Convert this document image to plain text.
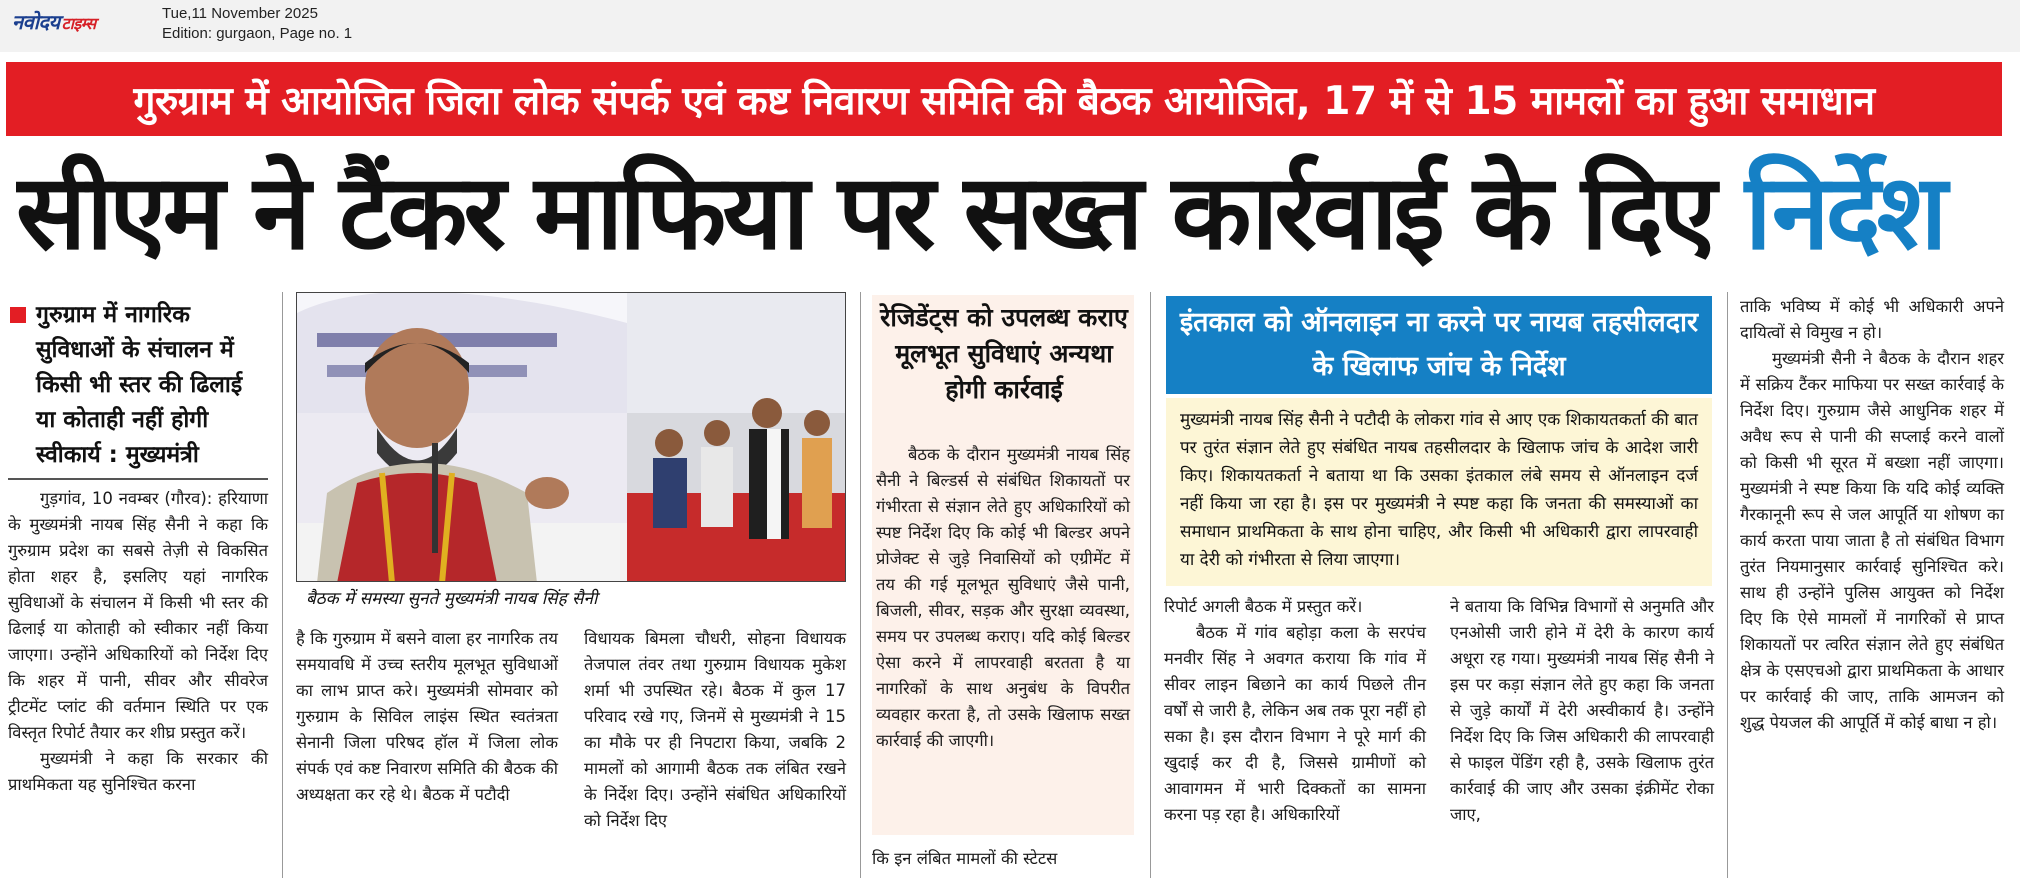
नवोदय टाइम्स
Tue,11 November 2025
Edition: gurgaon, Page no. 1
गुरुग्राम में आयोजित जिला लोक संपर्क एवं कष्ट निवारण समिति की बैठक आयोजित, 17 में से 15 मामलों का हुआ समाधान
सीएम ने टैंकर माफिया पर सख्त कार्रवाई के दिए निर्देश
गुरुग्राम में नागरिक सुविधाओं के संचालन में किसी भी स्तर की ढिलाई या कोताही नहीं होगी स्वीकार्य : मुख्यमंत्री

गुड़गांव, 10 नवम्बर (गौरव): हरियाणा के मुख्यमंत्री नायब सिंह सैनी ने कहा कि गुरुग्राम प्रदेश का सबसे तेज़ी से विकसित होता शहर है, इसलिए यहां नागरिक सुविधाओं के संचालन में किसी भी स्तर की ढिलाई या कोताही को स्वीकार नहीं किया जाएगा। उन्होंने अधिकारियों को निर्देश दिए कि शहर में पानी, सीवर और सीवरेज ट्रीटमेंट प्लांट की वर्तमान स्थिति पर एक विस्तृत रिपोर्ट तैयार कर शीघ्र प्रस्तुत करें।

मुख्यमंत्री ने कहा कि सरकार की प्राथमिकता यह सुनिश्चित करना

बैठक में समस्या सुनते मुख्यमंत्री नायब सिंह सैनी

है कि गुरुग्राम में बसने वाला हर नागरिक तय समयावधि में उच्च स्तरीय मूलभूत सुविधाओं का लाभ प्राप्त करे। मुख्यमंत्री सोमवार को गुरुग्राम के सिविल लाइंस स्थित स्वतंत्रता सेनानी जिला परिषद हॉल में जिला लोक संपर्क एवं कष्ट निवारण समिति की बैठक की अध्यक्षता कर रहे थे। बैठक में पटौदी

विधायक बिमला चौधरी, सोहना विधायक तेजपाल तंवर तथा गुरुग्राम विधायक मुकेश शर्मा भी उपस्थित रहे। बैठक में कुल 17 परिवाद रखे गए, जिनमें से मुख्यमंत्री ने 15 का मौके पर ही निपटारा किया, जबकि 2 मामलों को आगामी बैठक तक लंबित रखने के निर्देश दिए। उन्होंने संबंधित अधिकारियों को निर्देश दिए

रेजिडेंट्स को उपलब्ध कराए मूलभूत सुविधाएं अन्यथा होगी कार्रवाई

बैठक के दौरान मुख्यमंत्री नायब सिंह सैनी ने बिल्डर्स से संबंधित शिकायतों पर गंभीरता से संज्ञान लेते हुए अधिकारियों को स्पष्ट निर्देश दिए कि कोई भी बिल्डर अपने प्रोजेक्ट से जुड़े निवासियों को एग्रीमेंट में तय की गई मूलभूत सुविधाएं जैसे पानी, बिजली, सीवर, सड़क और सुरक्षा व्यवस्था, समय पर उपलब्ध कराए। यदि कोई बिल्डर ऐसा करने में लापरवाही बरतता है या नागरिकों के साथ अनुबंध के विपरीत व्यवहार करता है, तो उसके खिलाफ सख्त कार्रवाई की जाएगी।

कि इन लंबित मामलों की स्टेटस

इंतकाल को ऑनलाइन ना करने पर नायब तहसीलदार के खिलाफ जांच के निर्देश
मुख्यमंत्री नायब सिंह सैनी ने पटौदी के लोकरा गांव से आए एक शिकायतकर्ता की बात पर तुरंत संज्ञान लेते हुए संबंधित नायब तहसीलदार के खिलाफ जांच के आदेश जारी किए। शिकायतकर्ता ने बताया था कि उसका इंतकाल लंबे समय से ऑनलाइन दर्ज नहीं किया जा रहा है। इस पर मुख्यमंत्री ने स्पष्ट कहा कि जनता की समस्याओं का समाधान प्राथमिकता के साथ होना चाहिए, और किसी भी अधिकारी द्वारा लापरवाही या देरी को गंभीरता से लिया जाएगा।

रिपोर्ट अगली बैठक में प्रस्तुत करें।

बैठक में गांव बहोड़ा कला के सरपंच मनवीर सिंह ने अवगत कराया कि गांव में सीवर लाइन बिछाने का कार्य पिछले तीन वर्षों से जारी है, लेकिन अब तक पूरा नहीं हो सका है। इस दौरान विभाग ने पूरे मार्ग की खुदाई कर दी है, जिससे ग्रामीणों को आवागमन में भारी दिक्कतों का सामना करना पड़ रहा है। अधिकारियों

ने बताया कि विभिन्न विभागों से अनुमति और एनओसी जारी होने में देरी के कारण कार्य अधूरा रह गया। मुख्यमंत्री नायब सिंह सैनी ने इस पर कड़ा संज्ञान लेते हुए कहा कि जनता से जुड़े कार्यों में देरी अस्वीकार्य है। उन्होंने निर्देश दिए कि जिस अधिकारी की लापरवाही से फाइल पेंडिंग रही है, उसके खिलाफ तुरंत कार्रवाई की जाए और उसका इंक्रीमेंट रोका जाए,

ताकि भविष्य में कोई भी अधिकारी अपने दायित्वों से विमुख न हो।

मुख्यमंत्री सैनी ने बैठक के दौरान शहर में सक्रिय टैंकर माफिया पर सख्त कार्रवाई के निर्देश दिए। गुरुग्राम जैसे आधुनिक शहर में अवैध रूप से पानी की सप्लाई करने वालों को किसी भी सूरत में बख्शा नहीं जाएगा। मुख्यमंत्री ने स्पष्ट किया कि यदि कोई व्यक्ति गैरकानूनी रूप से जल आपूर्ति या शोषण का कार्य करता पाया जाता है तो संबंधित विभाग तुरंत नियमानुसार कार्रवाई सुनिश्चित करे। साथ ही उन्होंने पुलिस आयुक्त को निर्देश दिए कि ऐसे मामलों में नागरिकों से प्राप्त शिकायतों पर त्वरित संज्ञान लेते हुए संबंधित क्षेत्र के एसएचओ द्वारा प्राथमिकता के आधार पर कार्रवाई की जाए, ताकि आमजन को शुद्ध पेयजल की आपूर्ति में कोई बाधा न हो।
